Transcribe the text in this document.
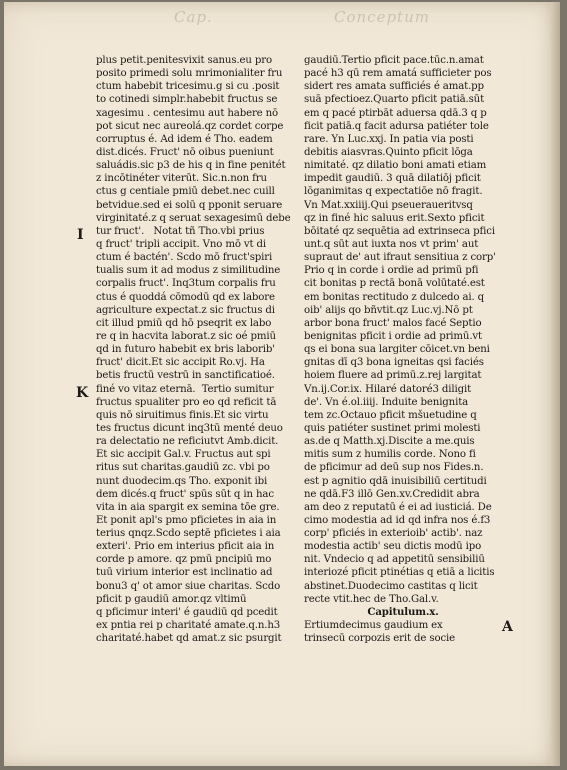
Cap.	Conceptum
I
K
A
plus petit.penitesvixit sanus.eu pro
posito primedi solu mrimonialiter fru
ctum habebit tricesimu.g si cu .posit
to cotinedi simplr.habebit fructus se
xagesimu . centesimu aut habere nō
pot sicut nec aureolá.qz cordet corpe
corruptus é. Ad idem é Tho. eadem
dist.dicés. Fruct' nō oibus pueniunt
saluádis.sic p3 de his q in fine penitét
z incōtinéter viterūt. Sic.n.non fru
ctus g centiale pmiū debet.nec cuill
betvidue.sed ei solū q pponit seruare
virginitaté.z q seruat sexagesimū debe
tur fruct'.   Notat tñ Tho.vbi prius
q fruct' tripli accipit. Vno mō vt di
ctum é bactén'. Scdo mō fruct'spiri
tualis sum it ad modus z similitudine
corpalis fruct'. Inq3tum corpalis fru
ctus é quoddá cōmodū qd ex labore
agriculture expectat.z sic fructus di
cit illud pmiū qd hō pseqrit ex labo
re q in hacvita laborat.z sic oé pmiū
qd in futuro habebit ex bris laborib'
fruct' dicit.Et sic accipit Ro.vj. Ha
betis fructū vestrū in sanctificatioé.
finé vo vitaz eternā.  Tertio sumitur
fructus spualiter pro eo qd reficit tā
quis nō siruitimus finis.Et sic virtu
tes fructus dicunt inq3tū menté deuo
ra delectatio ne reficiutvt Amb.dicit.
Et sic accipit Gal.v. Fructus aut spi
ritus sut charitas.gaudiū zc. vbi po
nunt duodecim.qs Tho. exponit ibi
dem dicés.q fruct' spūs sūt q in hac
vita in aia spargit ex semina tōe gre.
Et ponit apl's pmo pficietes in aia in
terius qnqz.Scdo septē pficietes i aia
exteri'. Prio em interius pficit aia in
corde p amore. qz pmū pncipiū mo
tuū virium interior est inclinatio ad
bonu3 q' ot amor siue charitas. Scdo
pficit p gaudiū amor.qz vltimū
q pficimur interi' é gaudiū qd pcedit
ex pntia rei p charitaté amate.q.n.h3
charitaté.habet qd amat.z sic psurgit
gaudiū.Tertio pficit pace.tūc.n.amat
pacé h3 qū rem amatá sufficieter pos
sidert res amata sufficiés é amat.pp
suā pfectioez.Quarto pficit patiā.sūt
em q pacé ptirbāt aduersa qdā.3 q p
ficit patiā.q facit adursa patiéter tole
rare. Yn Luc.xxj. In patia via posti
debitis aiasvras.Quinto pficit lōga
nimitaté. qz dilatio boni amati etiam
impedit gaudiū. 3 quā dilatiōj pficit
lōganimitas q expectatiōe nō fragit.
Vn Mat.xxiiij.Qui pseueraueritvsq
qz in finé hic saluus erit.Sexto pficit
bōitaté qz sequētia ad extrinseca pfici
unt.q sūt aut iuxta nos vt prim' aut
supraut de' aut ifraut sensitiua z corp'
Prio q in corde i ordie ad primū pfi
cit bonitas p rectā bonā volūtaté.est
em bonitas rectitudo z dulcedo ai. q
oib' alijs qo bñvtit.qz Luc.vj.Nō pt
arbor bona fruct' malos facé Septio
benignitas pficit i ordie ad primū.vt
qs ei bona sua largiter cōicet.vn beni
gnitas dī q3 bona igneitas qsi faciés
hoiem fluere ad primū.z.rej largitat
Vn.ij.Cor.ix. Hilaré datoré3 diligit
de'. Vn é.ol.iiij. Induite benignita
tem zc.Octauo pficit mšuetudine q
quis patiéter sustinet primi molesti
as.de q Matth.xj.Discite a me.quis
mitis sum z humilis corde. Nono fi
de pficimur ad deū sup nos Fides.n.
est p agnitio qdā inuisibiliū certitudi
ne qdā.F3 illō Gen.xv.Credidit abra
am deo z reputatū é ei ad iusticiá. De
cimo modestia ad id qd infra nos é.f3
corp' pficiés in exterioib' actib'. naz
modestia actib' seu dictis modū ipo
nit. Vndecio q ad appetitū sensibiliū
interiozé pficit ptinétias q etiā a licitis
abstinet.Duodecimo castitas q licit
recte vtit.hec de Tho.Gal.v.
Capitulum.x.
Ertiumdecimus gaudium ex
trinsecū corpozis erit de socie
